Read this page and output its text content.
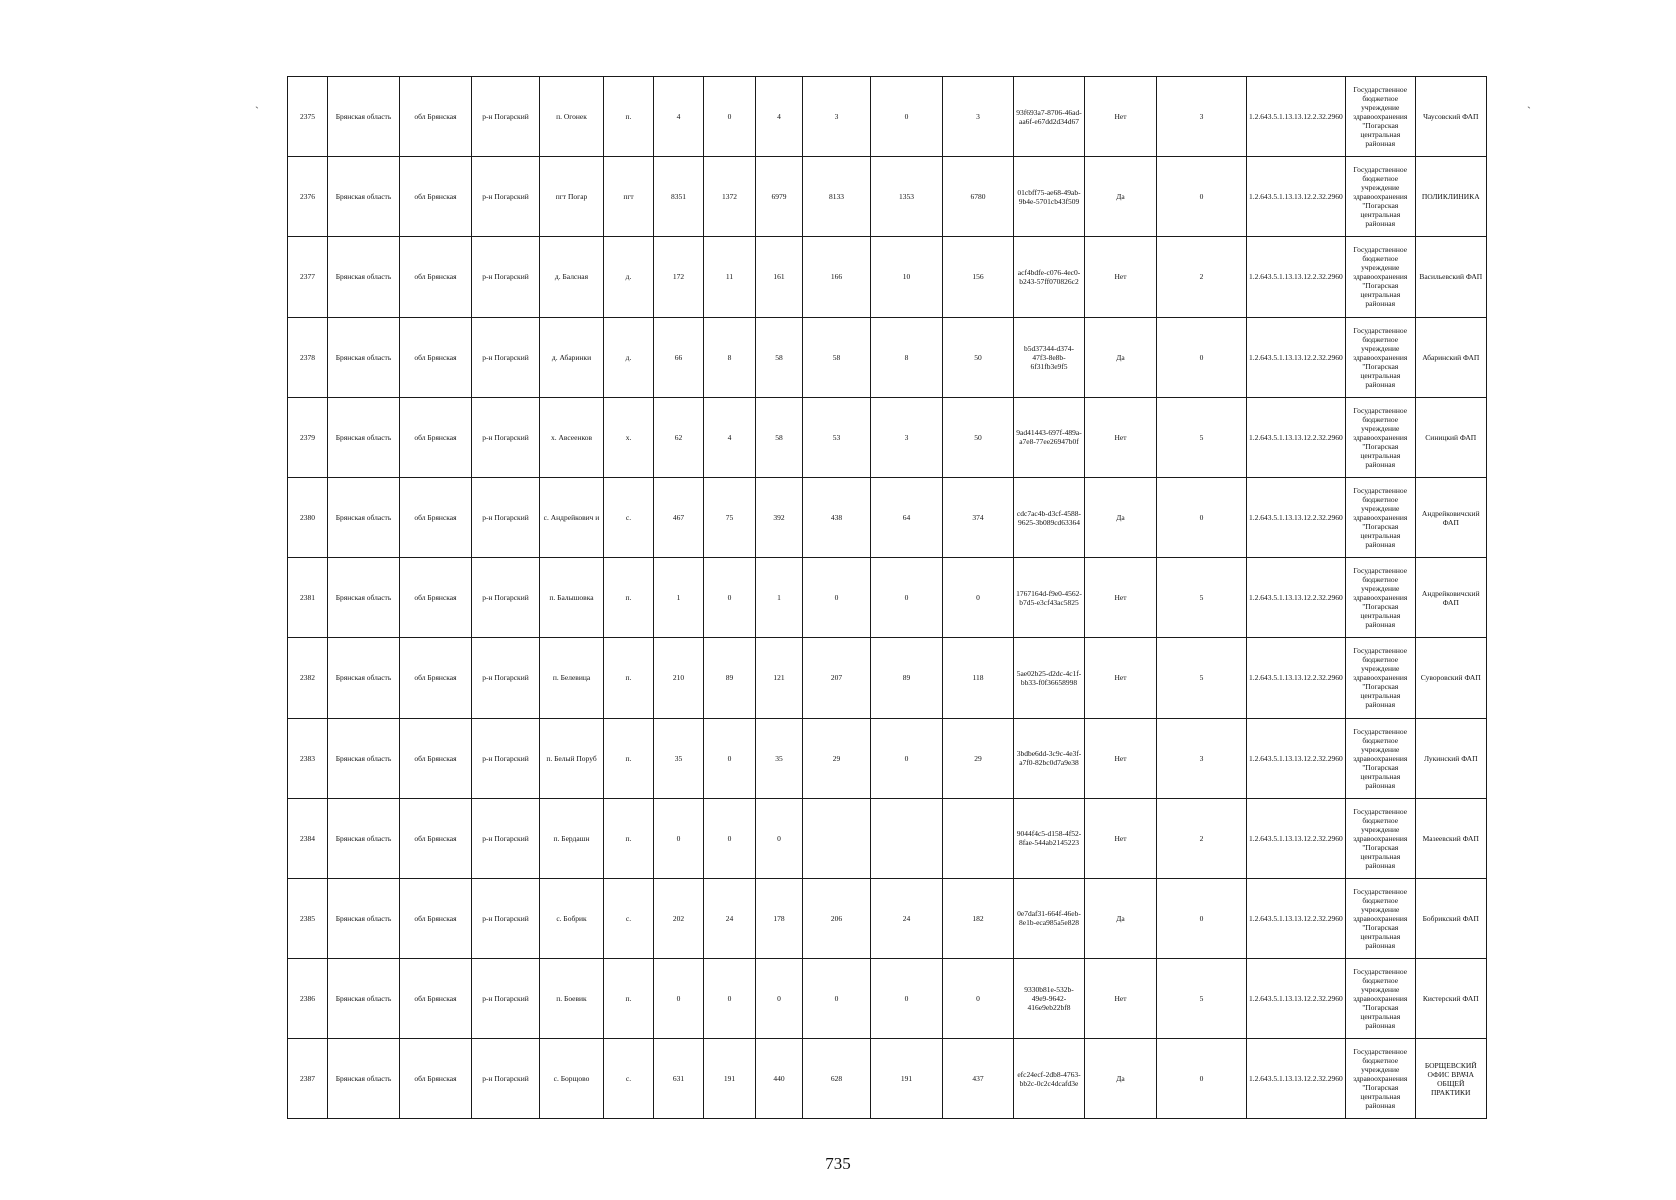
`	`
2375	Брянская область	обл Брянская	р-н Погарский	п. Огонек	п.	4	0	4	3	0	3	93f693a7-8706-46ad-aa6f-e67dd2d34d67	Нет	3	1.2.643.5.1.13.13.12.2.32.2960	Государственное бюджетное учреждение здравоохранения "Погарская центральная районная	Чаусовский ФАП
2376	Брянская область	обл Брянская	р-н Погарский	пгт Погар	пгт	8351	1372	6979	8133	1353	6780	01cbff75-ae68-49ab-9b4e-5701cb43f509	Да	0	1.2.643.5.1.13.13.12.2.32.2960	Государственное бюджетное учреждение здравоохранения "Погарская центральная районная	ПОЛИКЛИНИКА
2377	Брянская область	обл Брянская	р-н Погарский	д. Балсная	д.	172	11	161	166	10	156	acf4bdfe-c076-4ec0-b243-57ff070826c2	Нет	2	1.2.643.5.1.13.13.12.2.32.2960	Государственное бюджетное учреждение здравоохранения "Погарская центральная районная	Васильевский ФАП
2378	Брянская область	обл Брянская	р-н Погарский	д. Абаринки	д.	66	8	58	58	8	50	b5d37344-d374-47f3-8e8b-6f31fb3e9f5	Да	0	1.2.643.5.1.13.13.12.2.32.2960	Государственное бюджетное учреждение здравоохранения "Погарская центральная районная	Абаринский ФАП
2379	Брянская область	обл Брянская	р-н Погарский	х. Авсеенков	х.	62	4	58	53	3	50	9ad41443-697f-489a-a7e8-77ee26947b0f	Нет	5	1.2.643.5.1.13.13.12.2.32.2960	Государственное бюджетное учреждение здравоохранения "Погарская центральная районная	Синицкий ФАП
2380	Брянская область	обл Брянская	р-н Погарский	с. Андрейкович и	с.	467	75	392	438	64	374	cdc7ac4b-d3cf-4588-9625-3b089cd63364	Да	0	1.2.643.5.1.13.13.12.2.32.2960	Государственное бюджетное учреждение здравоохранения "Погарская центральная районная	Андрейковичский ФАП
2381	Брянская область	обл Брянская	р-н Погарский	п. Балышовка	п.	1	0	1	0	0	0	1767164d-f9e0-4562-b7d5-e3cf43ac5825	Нет	5	1.2.643.5.1.13.13.12.2.32.2960	Государственное бюджетное учреждение здравоохранения "Погарская центральная районная	Андрейковичский ФАП
2382	Брянская область	обл Брянская	р-н Погарский	п. Белевица	п.	210	89	121	207	89	118	5ae02b25-d2dc-4c1f-bb33-f0f36658998	Нет	5	1.2.643.5.1.13.13.12.2.32.2960	Государственное бюджетное учреждение здравоохранения "Погарская центральная районная	Суворовский ФАП
2383	Брянская область	обл Брянская	р-н Погарский	п. Белый Поруб	п.	35	0	35	29	0	29	3bdbe6dd-3c9c-4e3f-a7f0-82bc0d7a9e38	Нет	3	1.2.643.5.1.13.13.12.2.32.2960	Государственное бюджетное учреждение здравоохранения "Погарская центральная районная	Лукинский ФАП
2384	Брянская область	обл Брянская	р-н Погарский	п. Бердашн	п.	0	0	0				9044f4c5-d158-4f52-8fae-544ab2145223	Нет	2	1.2.643.5.1.13.13.12.2.32.2960	Государственное бюджетное учреждение здравоохранения "Погарская центральная районная	Мазеевский ФАП
2385	Брянская область	обл Брянская	р-н Погарский	с. Бобрик	с.	202	24	178	206	24	182	0e7daf31-664f-46eb-8e1b-eca985a5e828	Да	0	1.2.643.5.1.13.13.12.2.32.2960	Государственное бюджетное учреждение здравоохранения "Погарская центральная районная	Бобрикский ФАП
2386	Брянская область	обл Брянская	р-н Погарский	п. Боевик	п.	0	0	0	0	0	0	9330b81e-532b-49e9-9642-416e9eb22bf8	Нет	5	1.2.643.5.1.13.13.12.2.32.2960	Государственное бюджетное учреждение здравоохранения "Погарская центральная районная	Кистерский ФАП
2387	Брянская область	обл Брянская	р-н Погарский	с. Борщово	с.	631	191	440	628	191	437	efc24ecf-2db8-4763-bb2c-0c2c4dcafd3e	Да	0	1.2.643.5.1.13.13.12.2.32.2960	Государственное бюджетное учреждение здравоохранения "Погарская центральная районная	БОРЩЕВСКИЙ ОФИС ВРАЧА ОБЩЕЙ ПРАКТИКИ
735
